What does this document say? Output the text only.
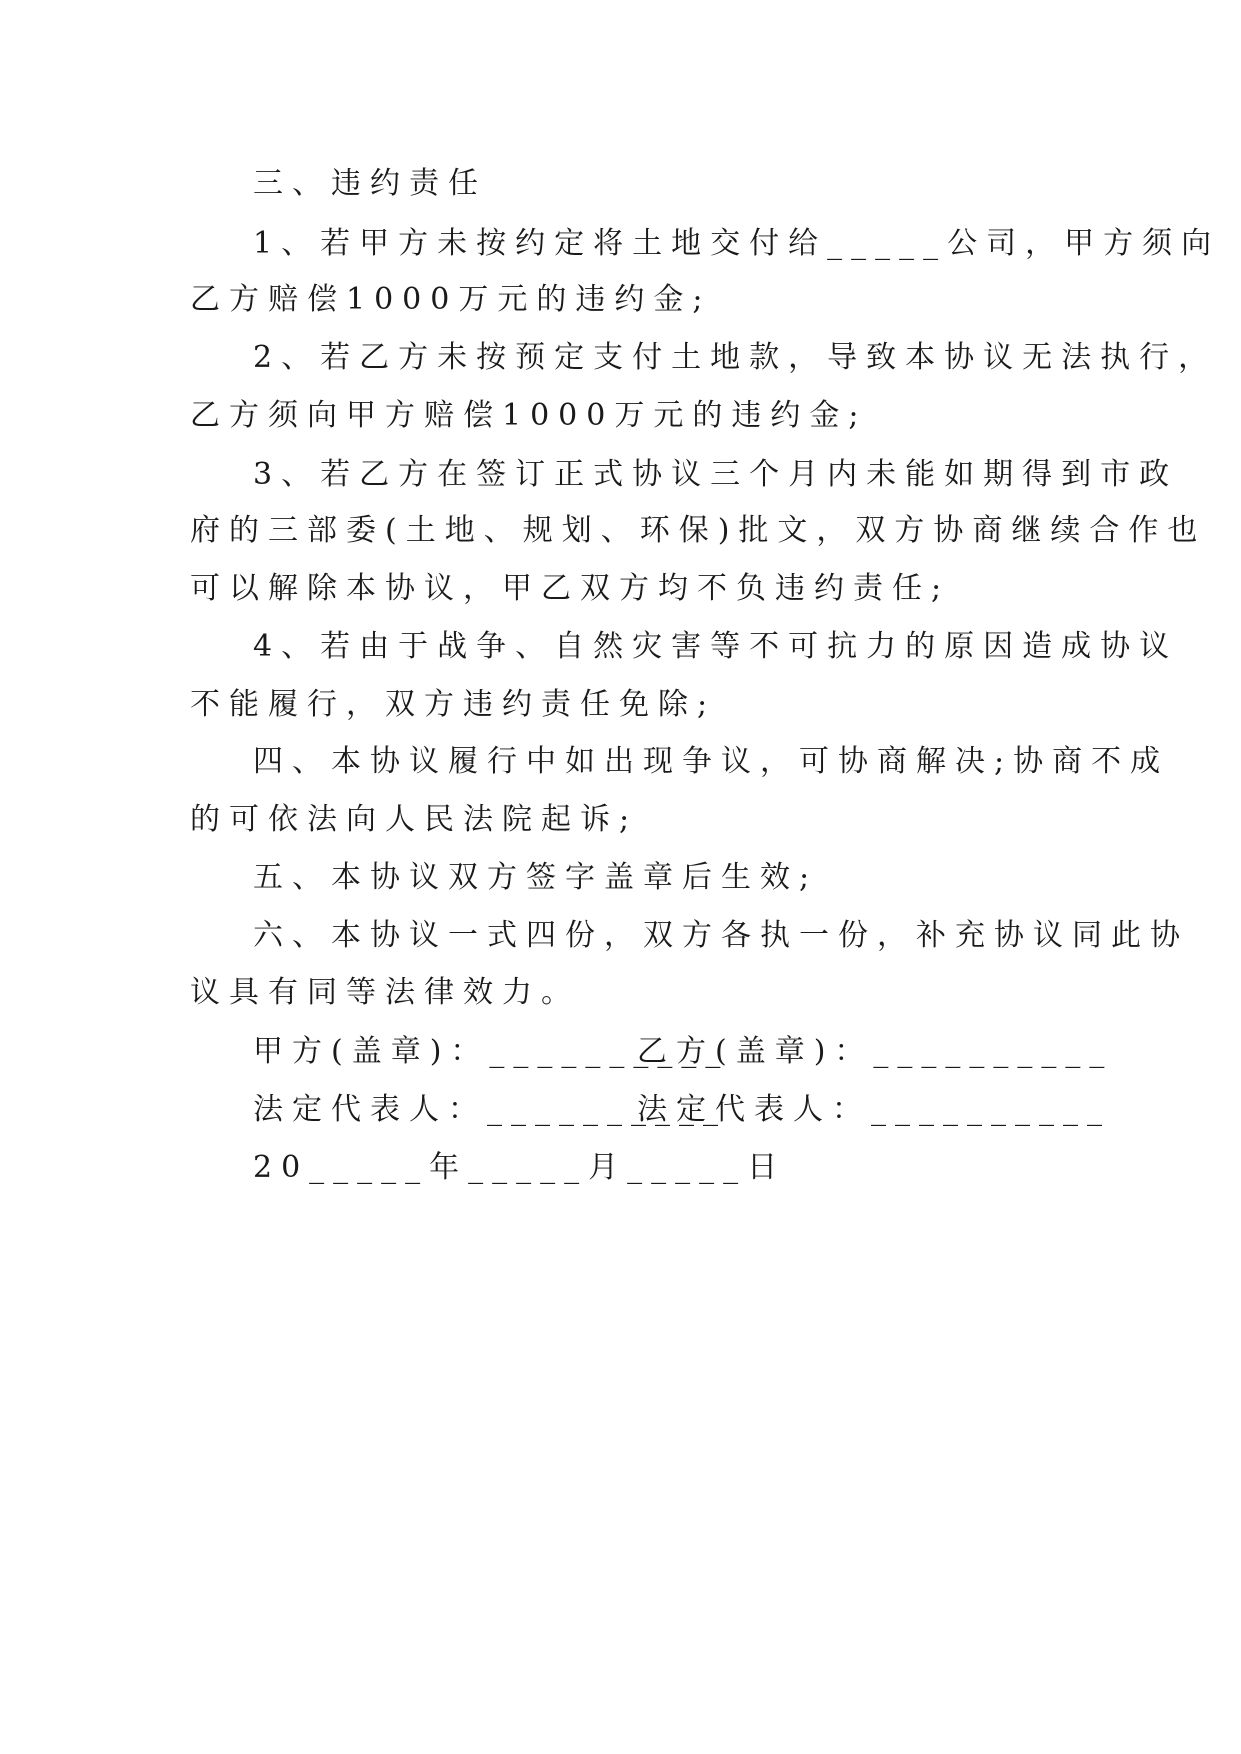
三、违约责任
1、若甲方未按约定将土地交付给_____公司，甲方须向
乙方赔偿1000万元的违约金;
2、若乙方未按预定支付土地款，导致本协议无法执行，
乙方须向甲方赔偿1000万元的违约金;
3、若乙方在签订正式协议三个月内未能如期得到市政
府的三部委(土地、规划、环保)批文，双方协商继续合作也
可以解除本协议，甲乙双方均不负违约责任;
4、若由于战争、自然灾害等不可抗力的原因造成协议
不能履行，双方违约责任免除;
四、本协议履行中如出现争议，可协商解决;协商不成
的可依法向人民法院起诉;
五、本协议双方签字盖章后生效;
六、本协议一式四份，双方各执一份，补充协议同此协
议具有同等法律效力。
甲方(盖章)：__________
乙方(盖章)：__________
法定代表人：__________
法定代表人：__________
20_____年_____月_____日
